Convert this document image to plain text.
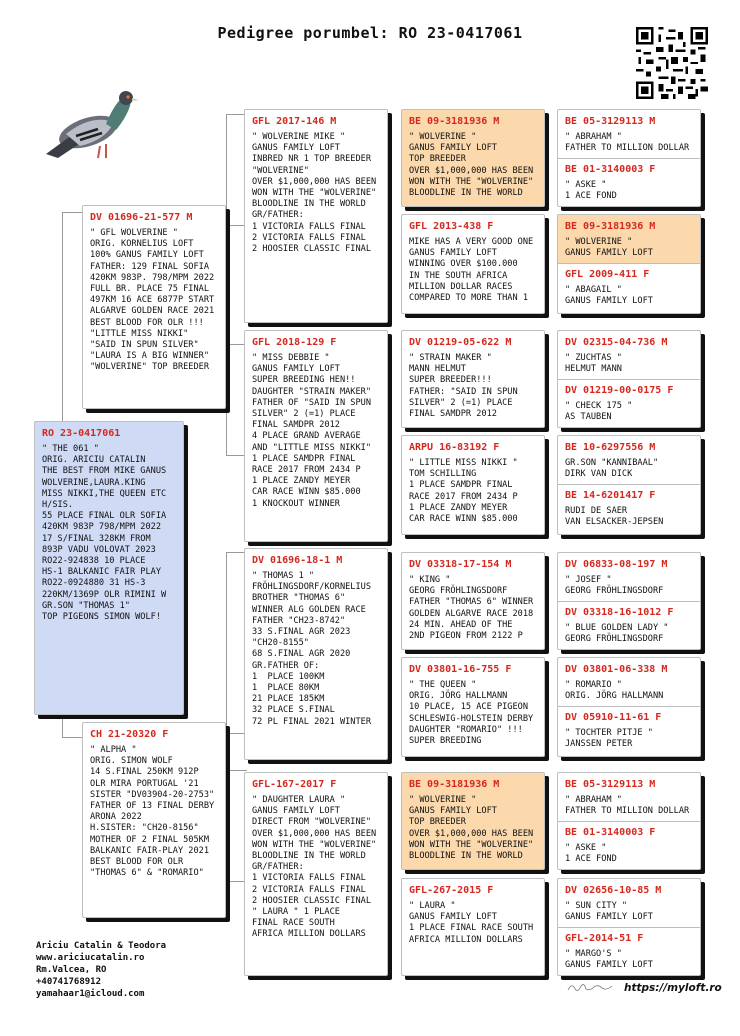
Pedigree porumbel: RO 23-0417061
RO 23-0417061
" THE 061 "
ORIG. ARICIU CATALIN
THE BEST FROM MIKE GANUS
WOLVERINE,LAURA.KING
MISS NIKKI,THE QUEEN ETC
H/SIS.
55 PLACE FINAL OLR SOFIA
420KM 983P 798/MPM 2022
17 S/FINAL 328KM FROM
893P VADU VOLOVAT 2023
RO22-924838 10 PLACE
HS-1 BALKANIC FAIR PLAY
RO22-0924880 31 HS-3
220KM/1369P OLR RIMINI W
GR.SON "THOMAS 1"
TOP PIGEONS SIMON WOLF!
DV 01696-21-577 M
" GFL WOLVERINE "
ORIG. KORNELIUS LOFT
100% GANUS FAMILY LOFT
FATHER: 129 FINAL SOFIA
420KM 983P. 798/MPM 2022
FULL BR. PLACE 75 FINAL
497KM 16 ACE 6877P START
ALGARVE GOLDEN RACE 2021
BEST BLOOD FOR OLR !!!
"LITTLE MISS NIKKI"
"SAID IN SPUN SILVER"
"LAURA IS A BIG WINNER"
"WOLVERINE" TOP BREEDER
CH 21-20320 F
" ALPHA "
ORIG. SIMON WOLF
14 S.FINAL 250KM 912P
OLR MIRA PORTUGAL '21
SISTER "DV03904-20-2753"
FATHER OF 13 FINAL DERBY
ARONA 2022
H.SISTER: "CH20-8156"
MOTHER OF 2 FINAL 505KM
BALKANIC FAIR-PLAY 2021
BEST BLOOD FOR OLR
"THOMAS 6" & "ROMARIO"
GFL 2017-146 M
" WOLVERINE MIKE "
GANUS FAMILY LOFT
INBRED NR 1 TOP BREEDER
"WOLVERINE"
OVER $1,000,000 HAS BEEN
WON WITH THE "WOLVERINE"
BLOODLINE IN THE WORLD
GR/FATHER:
1 VICTORIA FALLS FINAL
2 VICTORIA FALLS FINAL
2 HOOSIER CLASSIC FINAL
GFL 2018-129 F
" MISS DEBBIE "
GANUS FAMILY LOFT
SUPER BREEDING HEN!!
DAUGHTER "STRAIN MAKER"
FATHER OF "SAID IN SPUN
SILVER" 2 (=1) PLACE
FINAL SAMDPR 2012
4 PLACE GRAND AVERAGE
AND "LITTLE MISS NIKKI"
1 PLACE SAMDPR FINAL
RACE 2017 FROM 2434 P
1 PLACE ZANDY MEYER
CAR RACE WINN $85.000
1 KNOCKOUT WINNER
DV 01696-18-1 M
" THOMAS 1 "
FRÖHLINGSDORF/KORNELIUS
BROTHER "THOMAS 6"
WINNER ALG GOLDEN RACE
FATHER "CH23-8742"
33 S.FINAL AGR 2023
"CH20-8155"
68 S.FINAL AGR 2020
GR.FATHER OF:
1  PLACE 100KM
1  PLACE 80KM
21 PLACE 185KM
32 PLACE S.FINAL
72 PL FINAL 2021 WINTER
GFL-167-2017 F
" DAUGHTER LAURA "
GANUS FAMILY LOFT
DIRECT FROM "WOLVERINE"
OVER $1,000,000 HAS BEEN
WON WITH THE "WOLVERINE"
BLOODLINE IN THE WORLD
GR/FATHER:
1 VICTORIA FALLS FINAL
2 VICTORIA FALLS FINAL
2 HOOSIER CLASSIC FINAL
" LAURA " 1 PLACE
FINAL RACE SOUTH
AFRICA MILLION DOLLARS
BE 09-3181936 M
" WOLVERINE "
GANUS FAMILY LOFT
TOP BREEDER
OVER $1,000,000 HAS BEEN
WON WITH THE "WOLVERINE"
BLOODLINE IN THE WORLD
GFL 2013-438 F
MIKE HAS A VERY GOOD ONE
GANUS FAMILY LOFT
WINNING OVER $100.000
IN THE SOUTH AFRICA
MILLION DOLLAR RACES
COMPARED TO MORE THAN 1
DV 01219-05-622 M
" STRAIN MAKER "
MANN HELMUT
SUPER BREEDER!!!
FATHER: "SAID IN SPUN
SILVER" 2 (=1) PLACE
FINAL SAMDPR 2012
ARPU 16-83192 F
" LITTLE MISS NIKKI "
TOM SCHILLING
1 PLACE SAMDPR FINAL
RACE 2017 FROM 2434 P
1 PLACE ZANDY MEYER
CAR RACE WINN $85.000
DV 03318-17-154 M
" KING "
GEORG FRÖHLINGSDORF
FATHER "THOMAS 6" WINNER
GOLDEN ALGARVE RACE 2018
24 MIN. AHEAD OF THE
2ND PIGEON FROM 2122 P
DV 03801-16-755 F
" THE QUEEN "
ORIG. JÖRG HALLMANN
10 PLACE, 15 ACE PIGEON
SCHLESWIG-HOLSTEIN DERBY
DAUGHTER "ROMARIO" !!!
SUPER BREEDING
BE 09-3181936 M
" WOLVERINE "
GANUS FAMILY LOFT
TOP BREEDER
OVER $1,000,000 HAS BEEN
WON WITH THE "WOLVERINE"
BLOODLINE IN THE WORLD
GFL-267-2015 F
" LAURA "
GANUS FAMILY LOFT
1 PLACE FINAL RACE SOUTH
AFRICA MILLION DOLLARS
BE 05-3129113 M
" ABRAHAM "
FATHER TO MILLION DOLLAR
BE 01-3140003 F
" ASKE "
1 ACE FOND
BE 09-3181936 M
" WOLVERINE "
GANUS FAMILY LOFT
GFL 2009-411 F
" ABAGAIL "
GANUS FAMILY LOFT
DV 02315-04-736 M
" ZUCHTAS "
HELMUT MANN
DV 01219-00-0175 F
" CHECK 175 "
AS TAUBEN
BE 10-6297556 M
GR.SON "KANNIBAAL"
DIRK VAN DICK
BE 14-6201417 F
RUDI DE SAER
VAN ELSACKER-JEPSEN
DV 06833-08-197 M
" JOSEF "
GEORG FRÖHLINGSDORF
DV 03318-16-1012 F
" BLUE GOLDEN LADY "
GEORG FRÖHLINGSDORF
DV 03801-06-338 M
" ROMARIO "
ORIG. JÖRG HALLMANN
DV 05910-11-61 F
" TOCHTER PITJE "
JANSSEN PETER
BE 05-3129113 M
" ABRAHAM "
FATHER TO MILLION DOLLAR
BE 01-3140003 F
" ASKE "
1 ACE FOND
DV 02656-10-85 M
" SUN CITY "
GANUS FAMILY LOFT
GFL-2014-51 F
" MARGO'S "
GANUS FAMILY LOFT
Ariciu Catalin & Teodora
www.ariciucatalin.ro
Rm.Valcea, RO
+40741768912
yamahaar1@icloud.com	https://myloft.ro
